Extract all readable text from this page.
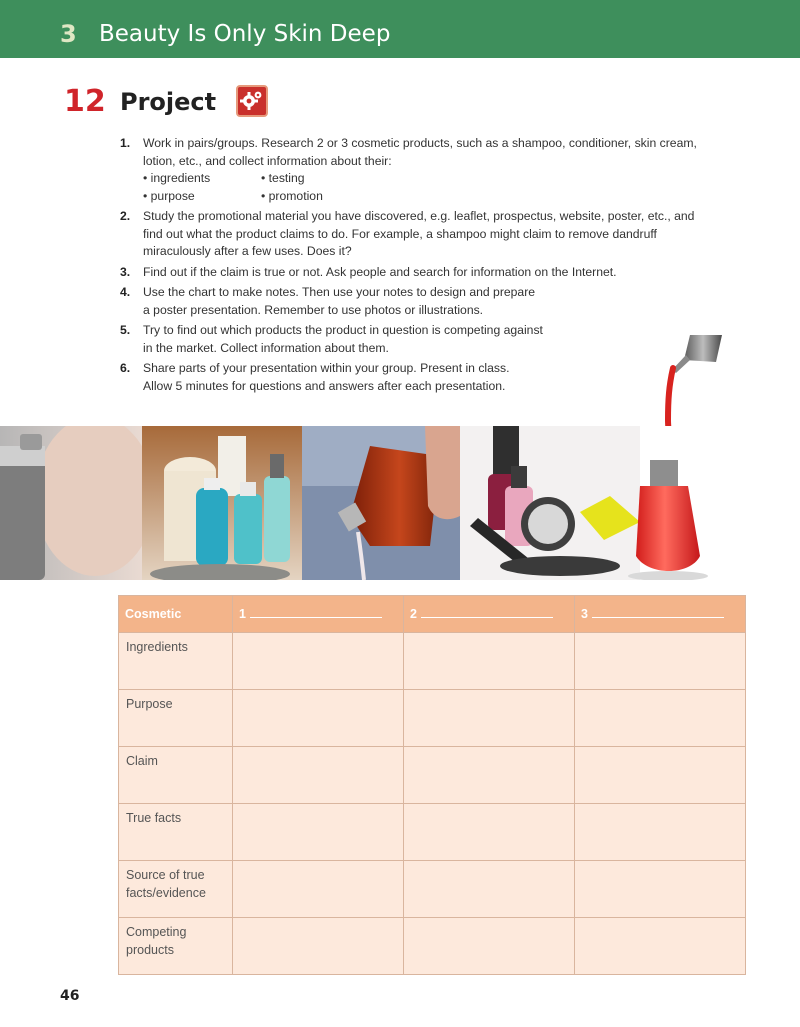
3 Beauty Is Only Skin Deep
12 Project
1. Work in pairs/groups. Research 2 or 3 cosmetic products, such as a shampoo, conditioner, skin cream,
lotion, etc., and collect information about their:
• ingredients	• testing
• purpose	• promotion
2. Study the promotional material you have discovered, e.g. leaflet, prospectus, website, poster, etc., and
find out what the product claims to do. For example, a shampoo might claim to remove dandruff
miraculously after a few uses. Does it?
3. Find out if the claim is true or not. Ask people and search for information on the Internet.
4. Use the chart to make notes. Then use your notes to design and prepare
a poster presentation. Remember to use photos or illustrations.
5. Try to find out which products the product in question is competing against
in the market. Collect information about them.
6. Share parts of your presentation within your group. Present in class.
Allow 5 minutes for questions and answers after each presentation.
Cosmetic	1	2	3
Ingredients			
Purpose			
Claim			
True facts			
Source of true facts/evidence			
Competing products			
46
